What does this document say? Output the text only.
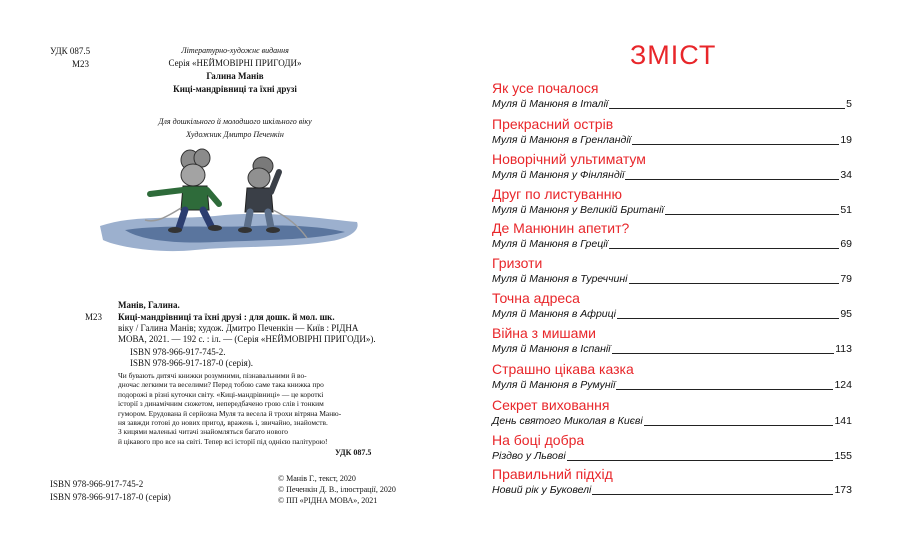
УДК 087.5
М23
Літературно-художнє видання
Серія «НЕЙМОВІРНІ ПРИГОДИ»
Галина Манів
Киці-мандрівниці та їхні друзі
Для дошкільного й молодшого шкільного віку
Художник Дмитро Печенкін
Манів, Галина.
М23 Киці-мандрівниці та їхні друзі : для дошк. й мол. шк.
віку / Галина Манів; худож. Дмитро Печенкін — Київ : РІДНА
МОВА, 2021. — 192 с. : іл. — (Серія «НЕЙМОВІРНІ ПРИГОДИ»).
ISBN 978-966-917-745-2.
ISBN 978-966-917-187-0 (серія).
Чи бувають дитячі книжки розумними, пізнавальними й во-
дночас легкими та веселими? Перед тобою саме така книжка про
подорожі в різні куточки світу. «Киці-мандрівниці» — це короткі
історії з динамічним сюжетом, непередбачено грою слів і тонким
гумором. Ерудована й серйозна Муля та весела й трохи вітряна Маню-
ня завжди готові до нових пригод, вражень і, звичайно, знайомств.
З кицями маленькі читачі знайомляться багато нового
й цікавого про все на світі. Тепер всі історії під однією палітурою!
УДК 087.5
ISBN 978-966-917-745-2
ISBN 978-966-917-187-0 (серія)
© Манів Г., текст, 2020
© Печенкін Д. В., ілюстрації, 2020
© ПП «РІДНА МОВА», 2021
ЗМІСТ
Як усе почалося
Муля й Манюня в Італії	5
Прекрасний острів
Муля й Манюня в Гренландії	19
Новорічний ультиматум
Муля й Манюня у Фінляндії	34
Друг по листуванню
Муля й Манюня у Великій Британії	51
Де Манюнин апетит?
Муля й Манюня в Греції	69
Гризоти
Муля й Манюня в Туреччині	79
Точна адреса
Муля й Манюня в Африці	95
Війна з мишами
Муля й Манюня в Іспанії	113
Страшно цікава казка
Муля й Манюня в Румунії	124
Секрет виховання
День святого Миколая в Києві	141
На боці добра
Різдво у Львові	155
Правильний підхід
Новий рік у Буковелі	173
